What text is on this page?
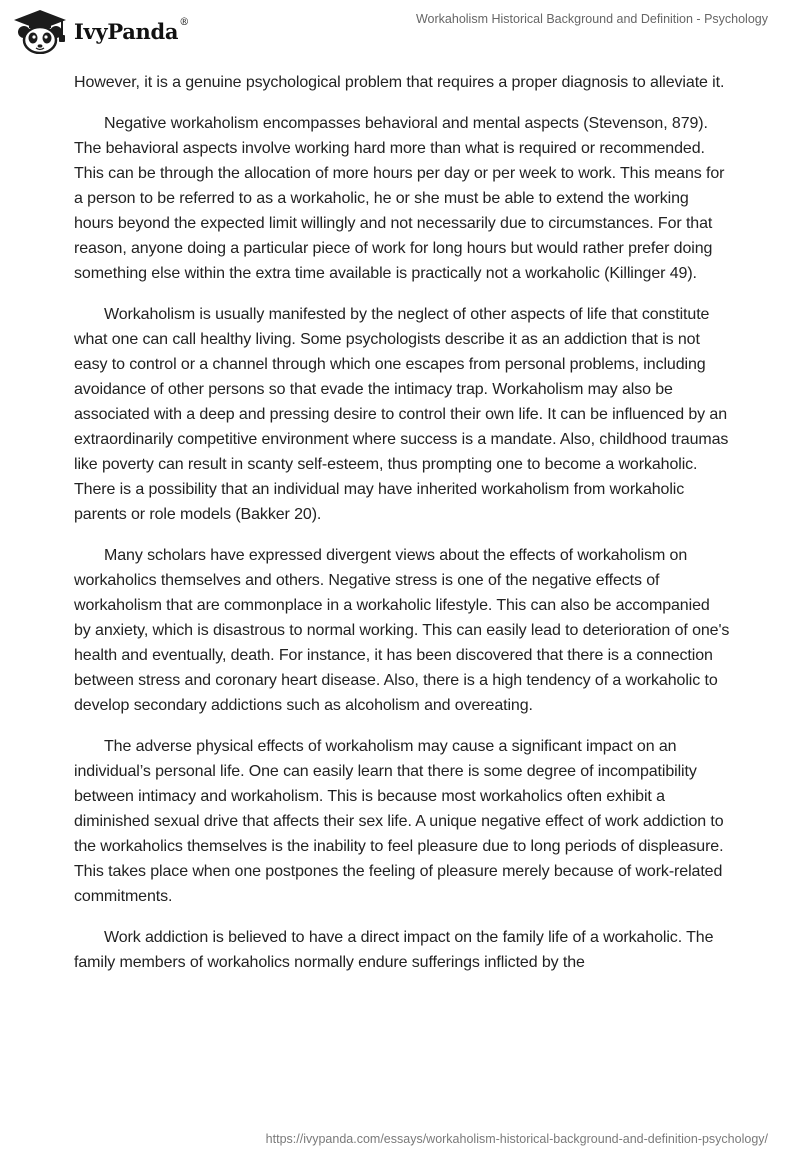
IvyPanda®	Workaholism Historical Background and Definition - Psychology

However, it is a genuine psychological problem that requires a proper diagnosis to alleviate it.

Negative workaholism encompasses behavioral and mental aspects (Stevenson, 879). The behavioral aspects involve working hard more than what is required or recommended. This can be through the allocation of more hours per day or per week to work. This means for a person to be referred to as a workaholic, he or she must be able to extend the working hours beyond the expected limit willingly and not necessarily due to circumstances. For that reason, anyone doing a particular piece of work for long hours but would rather prefer doing something else within the extra time available is practically not a workaholic (Killinger 49).

Workaholism is usually manifested by the neglect of other aspects of life that constitute what one can call healthy living. Some psychologists describe it as an addiction that is not easy to control or a channel through which one escapes from personal problems, including avoidance of other persons so that evade the intimacy trap. Workaholism may also be associated with a deep and pressing desire to control their own life. It can be influenced by an extraordinarily competitive environment where success is a mandate. Also, childhood traumas like poverty can result in scanty self-esteem, thus prompting one to become a workaholic. There is a possibility that an individual may have inherited workaholism from workaholic parents or role models (Bakker 20).

Many scholars have expressed divergent views about the effects of workaholism on workaholics themselves and others. Negative stress is one of the negative effects of workaholism that are commonplace in a workaholic lifestyle. This can also be accompanied by anxiety, which is disastrous to normal working. This can easily lead to deterioration of one's health and eventually, death. For instance, it has been discovered that there is a connection between stress and coronary heart disease. Also, there is a high tendency of a workaholic to develop secondary addictions such as alcoholism and overeating.

The adverse physical effects of workaholism may cause a significant impact on an individual’s personal life. One can easily learn that there is some degree of incompatibility between intimacy and workaholism. This is because most workaholics often exhibit a diminished sexual drive that affects their sex life. A unique negative effect of work addiction to the workaholics themselves is the inability to feel pleasure due to long periods of displeasure. This takes place when one postpones the feeling of pleasure merely because of work-related commitments.

Work addiction is believed to have a direct impact on the family life of a workaholic. The family members of workaholics normally endure sufferings inflicted by the

https://ivypanda.com/essays/workaholism-historical-background-and-definition-psychology/
